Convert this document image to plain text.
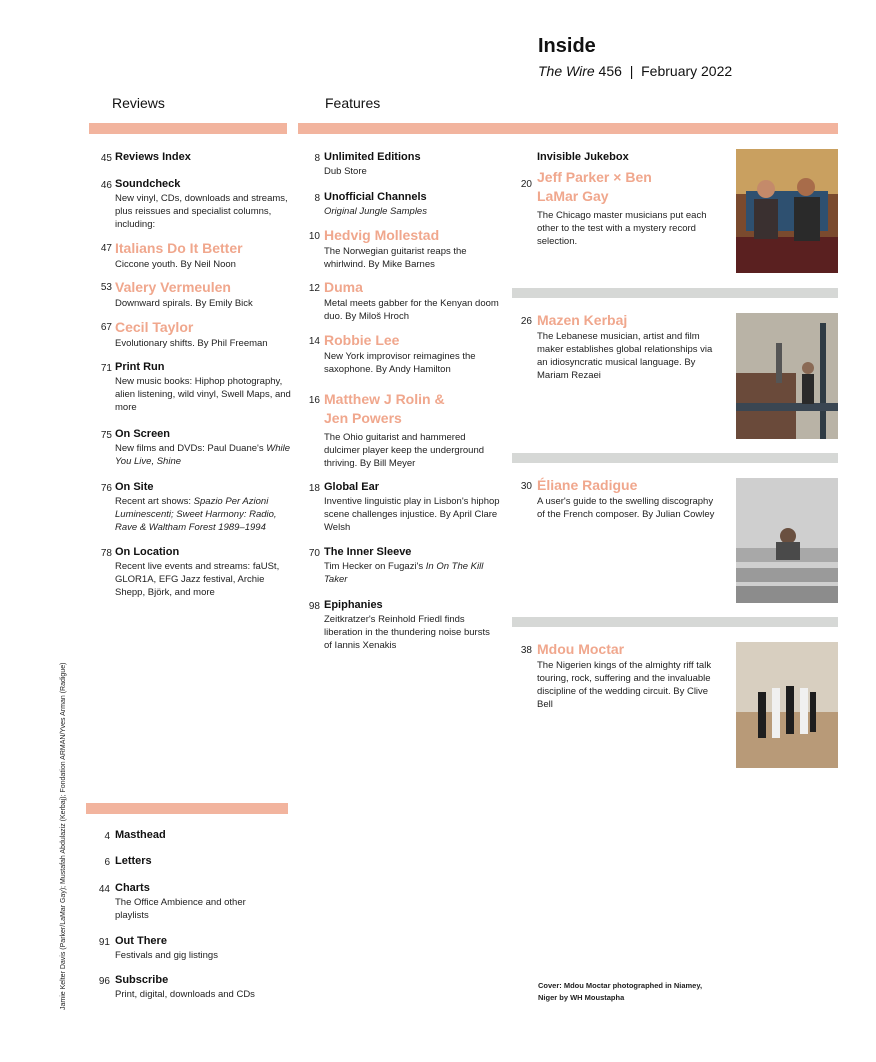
Inside
The Wire 456  |  February 2022
Reviews	Features
45 Reviews Index
46 Soundcheck
New vinyl, CDs, downloads and streams, plus reissues and specialist columns, including:
47 Italians Do It Better
Ciccone youth. By Neil Noon
53 Valery Vermeulen
Downward spirals. By Emily Bick
67 Cecil Taylor
Evolutionary shifts. By Phil Freeman
71 Print Run
New music books: Hiphop photography, alien listening, wild vinyl, Swell Maps, and more
75 On Screen
New films and DVDs: Paul Duane's While You Live, Shine
76 On Site
Recent art shows: Spazio Per Azioni Luminescenti; Sweet Harmony: Radio, Rave & Waltham Forest 1989–1994
78 On Location
Recent live events and streams: faUSt, GLOR1A, EFG Jazz festival, Archie Shepp, Björk, and more
8 Unlimited Editions
Dub Store
8 Unofficial Channels
Original Jungle Samples
10 Hedvig Mollestad
The Norwegian guitarist reaps the whirlwind. By Mike Barnes
12 Duma
Metal meets gabber for the Kenyan doom duo. By Miloš Hroch
14 Robbie Lee
New York improvisor reimagines the saxophone. By Andy Hamilton
16 Matthew J Rolin & Jen Powers
The Ohio guitarist and hammered dulcimer player keep the underground thriving. By Bill Meyer
18 Global Ear
Inventive linguistic play in Lisbon's hiphop scene challenges injustice. By April Clare Welsh
70 The Inner Sleeve
Tim Hecker on Fugazi's In On The Kill Taker
98 Epiphanies
Zeitkratzer's Reinhold Friedl finds liberation in the thundering noise bursts of Iannis Xenakis
Invisible Jukebox
20 Jeff Parker × Ben LaMar Gay
The Chicago master musicians put each other to the test with a mystery record selection.
26 Mazen Kerbaj
The Lebanese musician, artist and film maker establishes global relationships via an idiosyncratic musical language. By Mariam Rezaei
30 Éliane Radigue
A user's guide to the swelling discography of the French composer. By Julian Cowley
38 Mdou Moctar
The Nigerien kings of the almighty riff talk touring, rock, suffering and the invaluable discipline of the wedding circuit. By Clive Bell
4 Masthead
6 Letters
44 Charts
The Office Ambience and other playlists
91 Out There
Festivals and gig listings
96 Subscribe
Print, digital, downloads and CDs
Cover: Mdou Moctar photographed in Niamey,
Niger by WH Moustapha
Jamie Kelter Davis (Parker/LaMar Gay); Mustafah Abdulaziz (Kerbaj); Fondation ARMAN/Yves Arman (Radigue)
